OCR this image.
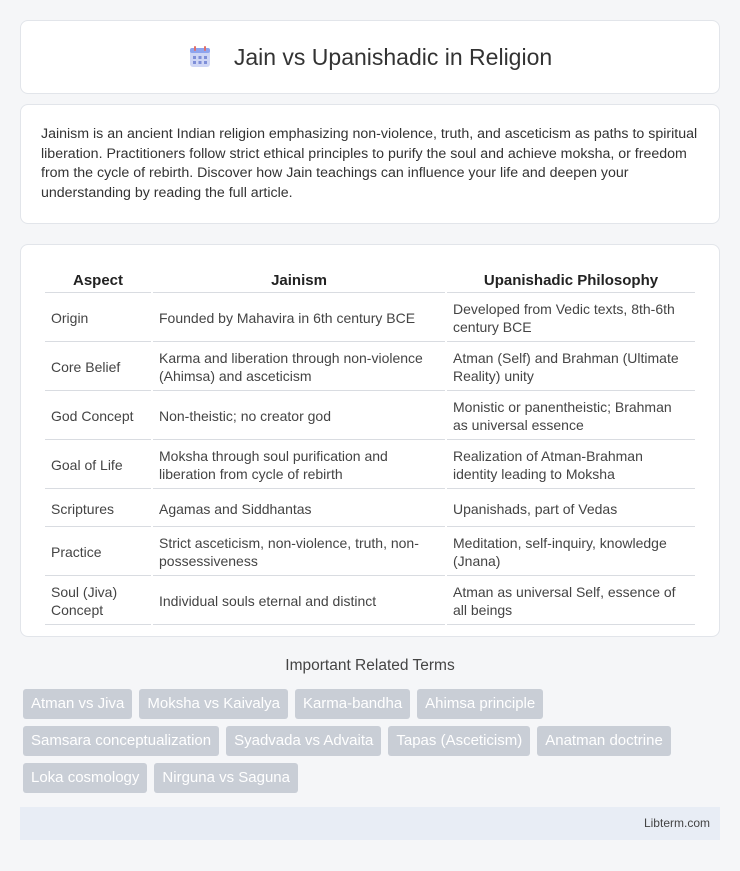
Jain vs Upanishadic in Religion

Jainism is an ancient Indian religion emphasizing non-violence, truth, and asceticism as paths to spiritual liberation. Practitioners follow strict ethical principles to purify the soul and achieve moksha, or freedom from the cycle of rebirth. Discover how Jain teachings can influence your life and deepen your understanding by reading the full article.

Aspect	Jainism	Upanishadic Philosophy
Origin	Founded by Mahavira in 6th century BCE	Developed from Vedic texts, 8th-6th century BCE
Core Belief	Karma and liberation through non-violence (Ahimsa) and asceticism	Atman (Self) and Brahman (Ultimate Reality) unity
God Concept	Non-theistic; no creator god	Monistic or panentheistic; Brahman as universal essence
Goal of Life	Moksha through soul purification and liberation from cycle of rebirth	Realization of Atman-Brahman identity leading to Moksha
Scriptures	Agamas and Siddhantas	Upanishads, part of Vedas
Practice	Strict asceticism, non-violence, truth, non-possessiveness	Meditation, self-inquiry, knowledge (Jnana)
Soul (Jiva) Concept	Individual souls eternal and distinct	Atman as universal Self, essence of all beings
Important Related Terms
Atman vs Jiva	Moksha vs Kaivalya	Karma-bandha	Ahimsa principle
Samsara conceptualization	Syadvada vs Advaita	Tapas (Asceticism)	Anatman doctrine
Loka cosmology	Nirguna vs Saguna
Libterm.com
